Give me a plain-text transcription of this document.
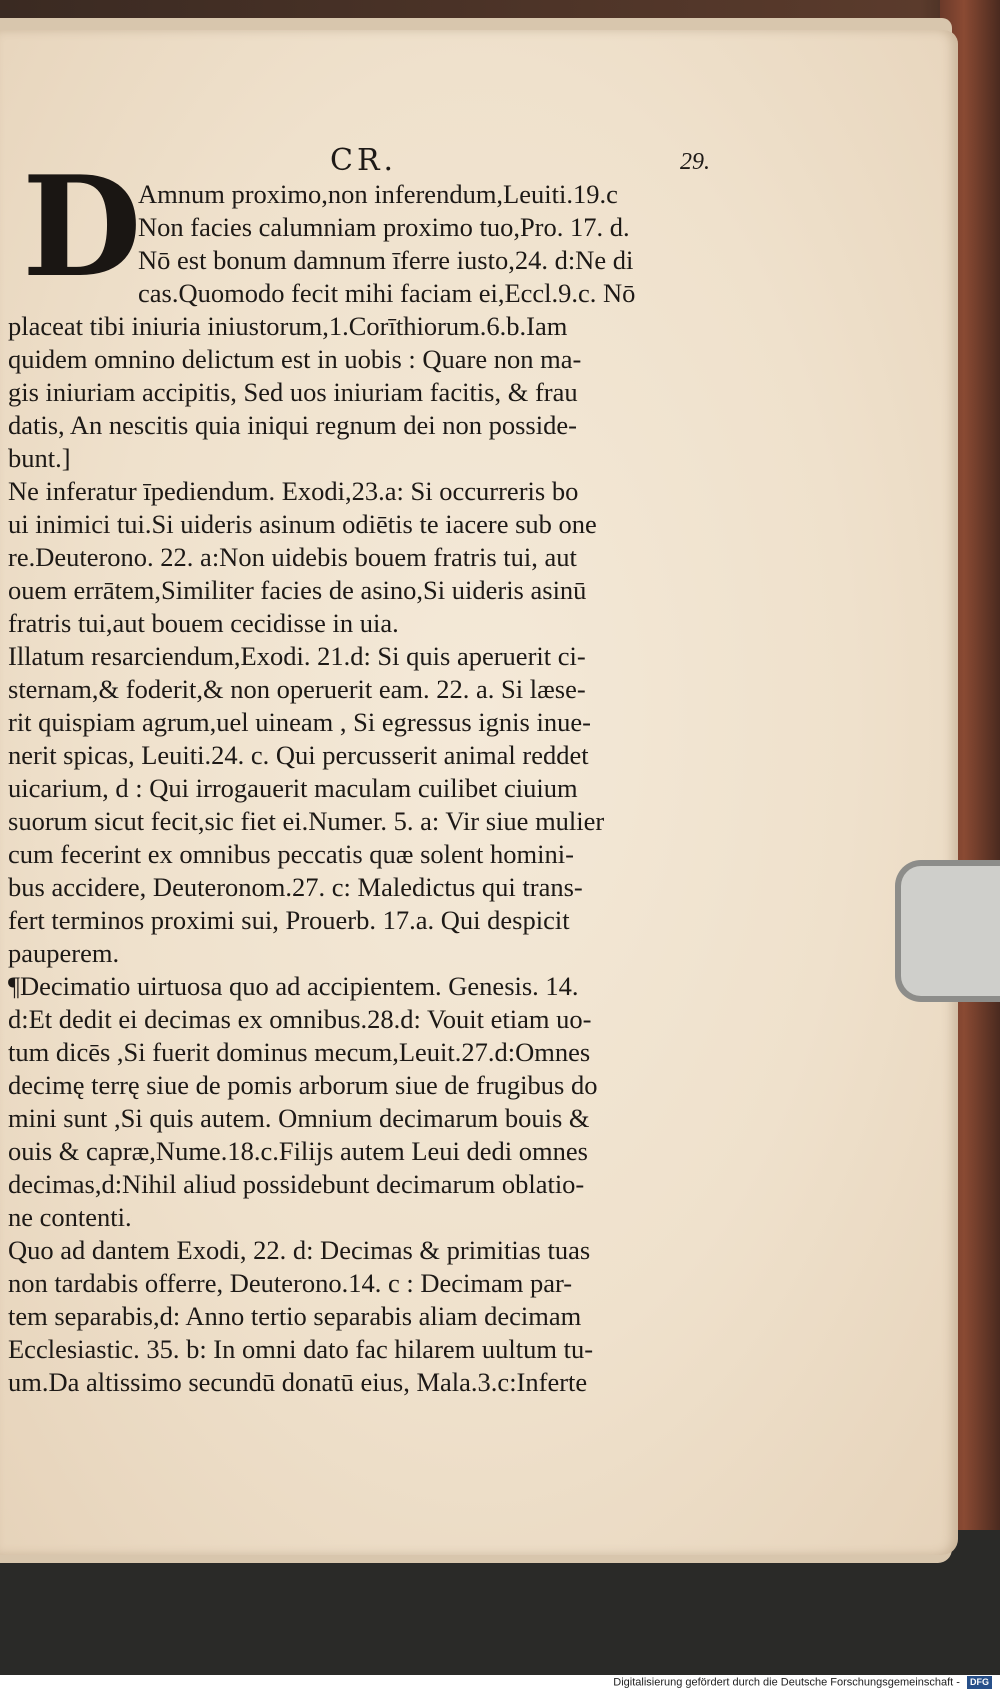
CR.	29.
D
Amnum proximo,non inferendum,Leuiti.19.c
Non facies calumniam proximo tuo,Pro. 17. d.
Nō est bonum damnum īferre iusto,24. d:Ne di
cas.Quomodo fecit mihi faciam ei,Eccl.9.c. Nō
placeat tibi iniuria iniustorum,1.Corīthiorum.6.b.Iam
quidem omnino delictum est in uobis : Quare non ma-
gis iniuriam accipitis, Sed uos iniuriam facitis, & frau
datis, An nescitis quia iniqui regnum dei non posside-
bunt.]
Ne inferatur īpediendum. Exodi,23.a: Si occurreris bo
ui inimici tui.Si uideris asinum odiētis te iacere sub one
re.Deuterono. 22. a:Non uidebis bouem fratris tui, aut
ouem errātem,Similiter facies de asino,Si uideris asinū
fratris tui,aut bouem cecidisse in uia.
Illatum resarciendum,Exodi. 21.d: Si quis aperuerit ci-
sternam,& foderit,& non operuerit eam. 22. a. Si læse-
rit quispiam agrum,uel uineam , Si egressus ignis inue-
nerit spicas, Leuiti.24. c. Qui percusserit animal reddet
uicarium, d : Qui irrogauerit maculam cuilibet ciuium
suorum sicut fecit,sic fiet ei.Numer. 5. a: Vir siue mulier
cum fecerint ex omnibus peccatis quæ solent homini-
bus accidere, Deuteronom.27. c: Maledictus qui trans-
fert terminos proximi sui, Prouerb. 17.a. Qui despicit
pauperem.
¶Decimatio uirtuosa quo ad accipientem. Genesis. 14.
d:Et dedit ei decimas ex omnibus.28.d: Vouit etiam uo-
tum dicēs ,Si fuerit dominus mecum,Leuit.27.d:Omnes
decimę terrę siue de pomis arborum siue de frugibus do
mini sunt ,Si quis autem. Omnium decimarum bouis &
ouis & capræ,Nume.18.c.Filijs autem Leui dedi omnes
decimas,d:Nihil aliud possidebunt decimarum oblatio-
ne contenti.
Quo ad dantem Exodi, 22. d: Decimas & primitias tuas
non tardabis offerre, Deuterono.14. c : Decimam par-
tem separabis,d: Anno tertio separabis aliam decimam
Ecclesiastic. 35. b: In omni dato fac hilarem uultum tu-
um.Da altissimo secundū donatū eius, Mala.3.c:Inferte
Digitalisierung gefördert durch die Deutsche Forschungsgemeinschaft - DFG
